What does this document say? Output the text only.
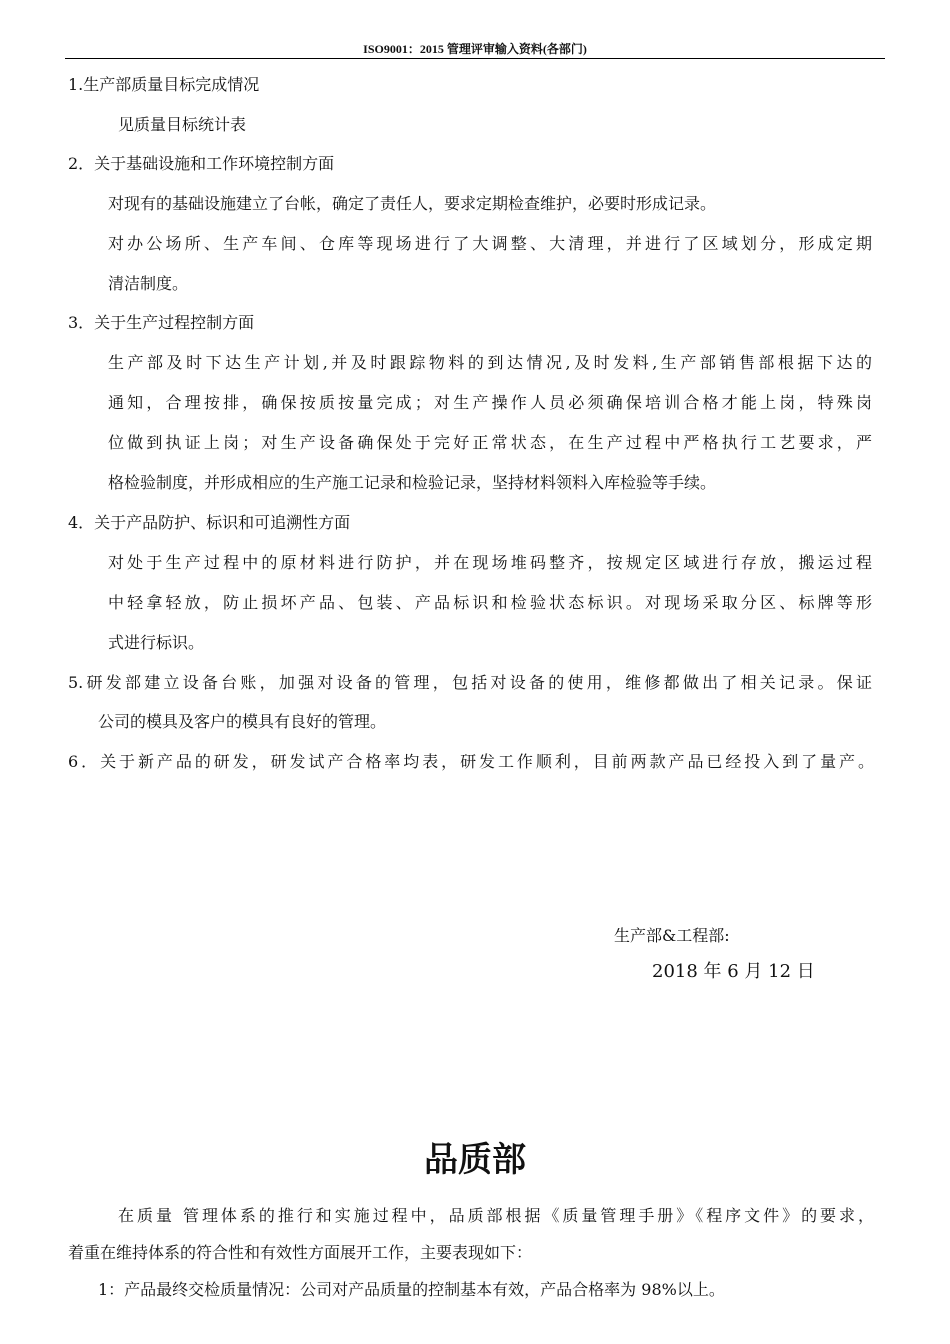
ISO9001：2015 管理评审输入资料(各部门)
1.生产部质量目标完成情况
见质量目标统计表
2．关于基础设施和工作环境控制方面
对现有的基础设施建立了台帐，确定了责任人，要求定期检查维护，必要时形成记录。
对办公场所、生产车间、仓库等现场进行了大调整、大清理，并进行了区域划分，形成定期
清洁制度。
3．关于生产过程控制方面
生产部及时下达生产计划,并及时跟踪物料的到达情况,及时发料,生产部销售部根据下达的
通知，合理按排，确保按质按量完成；对生产操作人员必须确保培训合格才能上岗，特殊岗
位做到执证上岗；对生产设备确保处于完好正常状态，在生产过程中严格执行工艺要求，严
格检验制度，并形成相应的生产施工记录和检验记录，坚持材料领料入库检验等手续。
4．关于产品防护、标识和可追溯性方面
对处于生产过程中的原材料进行防护，并在现场堆码整齐，按规定区域进行存放，搬运过程
中轻拿轻放，防止损坏产品、包装、产品标识和检验状态标识。对现场采取分区、标牌等形
式进行标识。
5.研发部建立设备台账，加强对设备的管理，包括对设备的使用，维修都做出了相关记录。保证
公司的模具及客户的模具有良好的管理。
6．关于新产品的研发，研发试产合格率均表，研发工作顺利，目前两款产品已经投入到了量产。
生产部&工程部:
2018 年 6 月 12 日
品质部
在质量 管理体系的推行和实施过程中，品质部根据《质量管理手册》《程序文件》的要求，
着重在维持体系的符合性和有效性方面展开工作，主要表现如下：
1：产品最终交检质量情况：公司对产品质量的控制基本有效，产品合格率为 98%以上。
